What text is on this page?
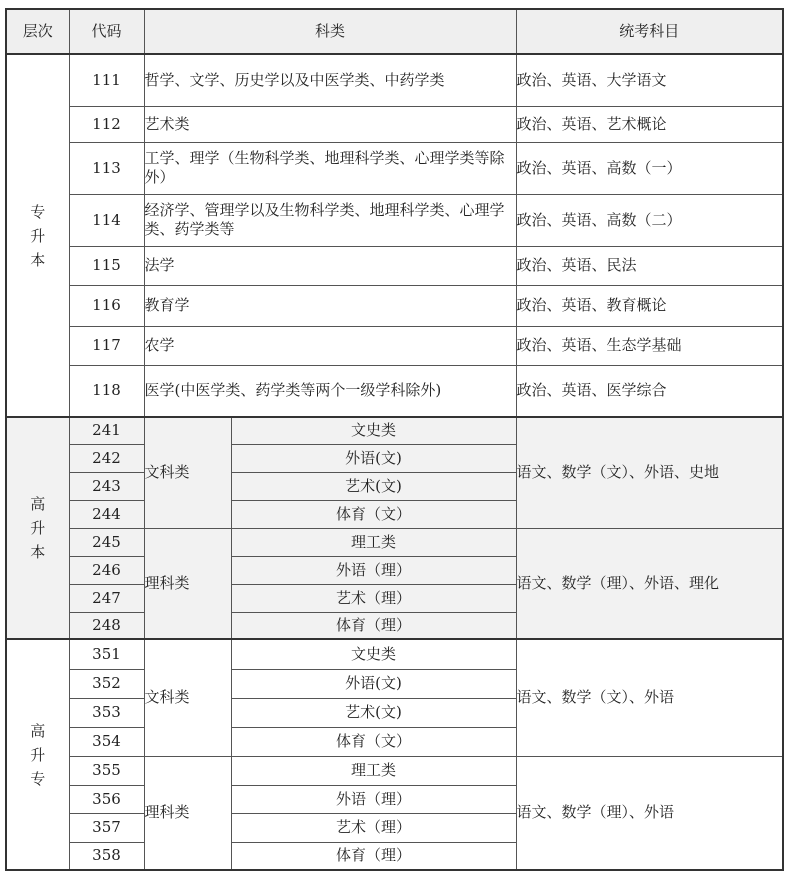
层次	代码	科类		统考科目
专升本	111	哲学、文学、历史学以及中医学类、中药学类		政治、英语、大学语文
	112	艺术类		政治、英语、艺术概论
	113	工学、理学（生物科学类、地理科学类、心理学类等除外）		政治、英语、高数（一）
	114	经济学、管理学以及生物科学类、地理科学类、心理学类、药学类等		政治、英语、高数（二）
	115	法学		政治、英语、民法
	116	教育学		政治、英语、教育概论
	117	农学		政治、英语、生态学基础
	118	医学(中医学类、药学类等两个一级学科除外)		政治、英语、医学综合
高升本	241	文科类	文史类	语文、数学（文）、外语、史地
	242		外语(文)	
	243		艺术(文)	
	244		体育（文）	
	245	理科类	理工类	语文、数学（理）、外语、理化
	246		外语（理）	
	247		艺术（理）	
	248		体育（理）	
高升专	351	文科类	文史类	语文、数学（文）、外语
	352		外语(文)	
	353		艺术(文)	
	354		体育（文）	
	355	理科类	理工类	语文、数学（理）、外语
	356		外语（理）	
	357		艺术（理）	
	358		体育（理）	
